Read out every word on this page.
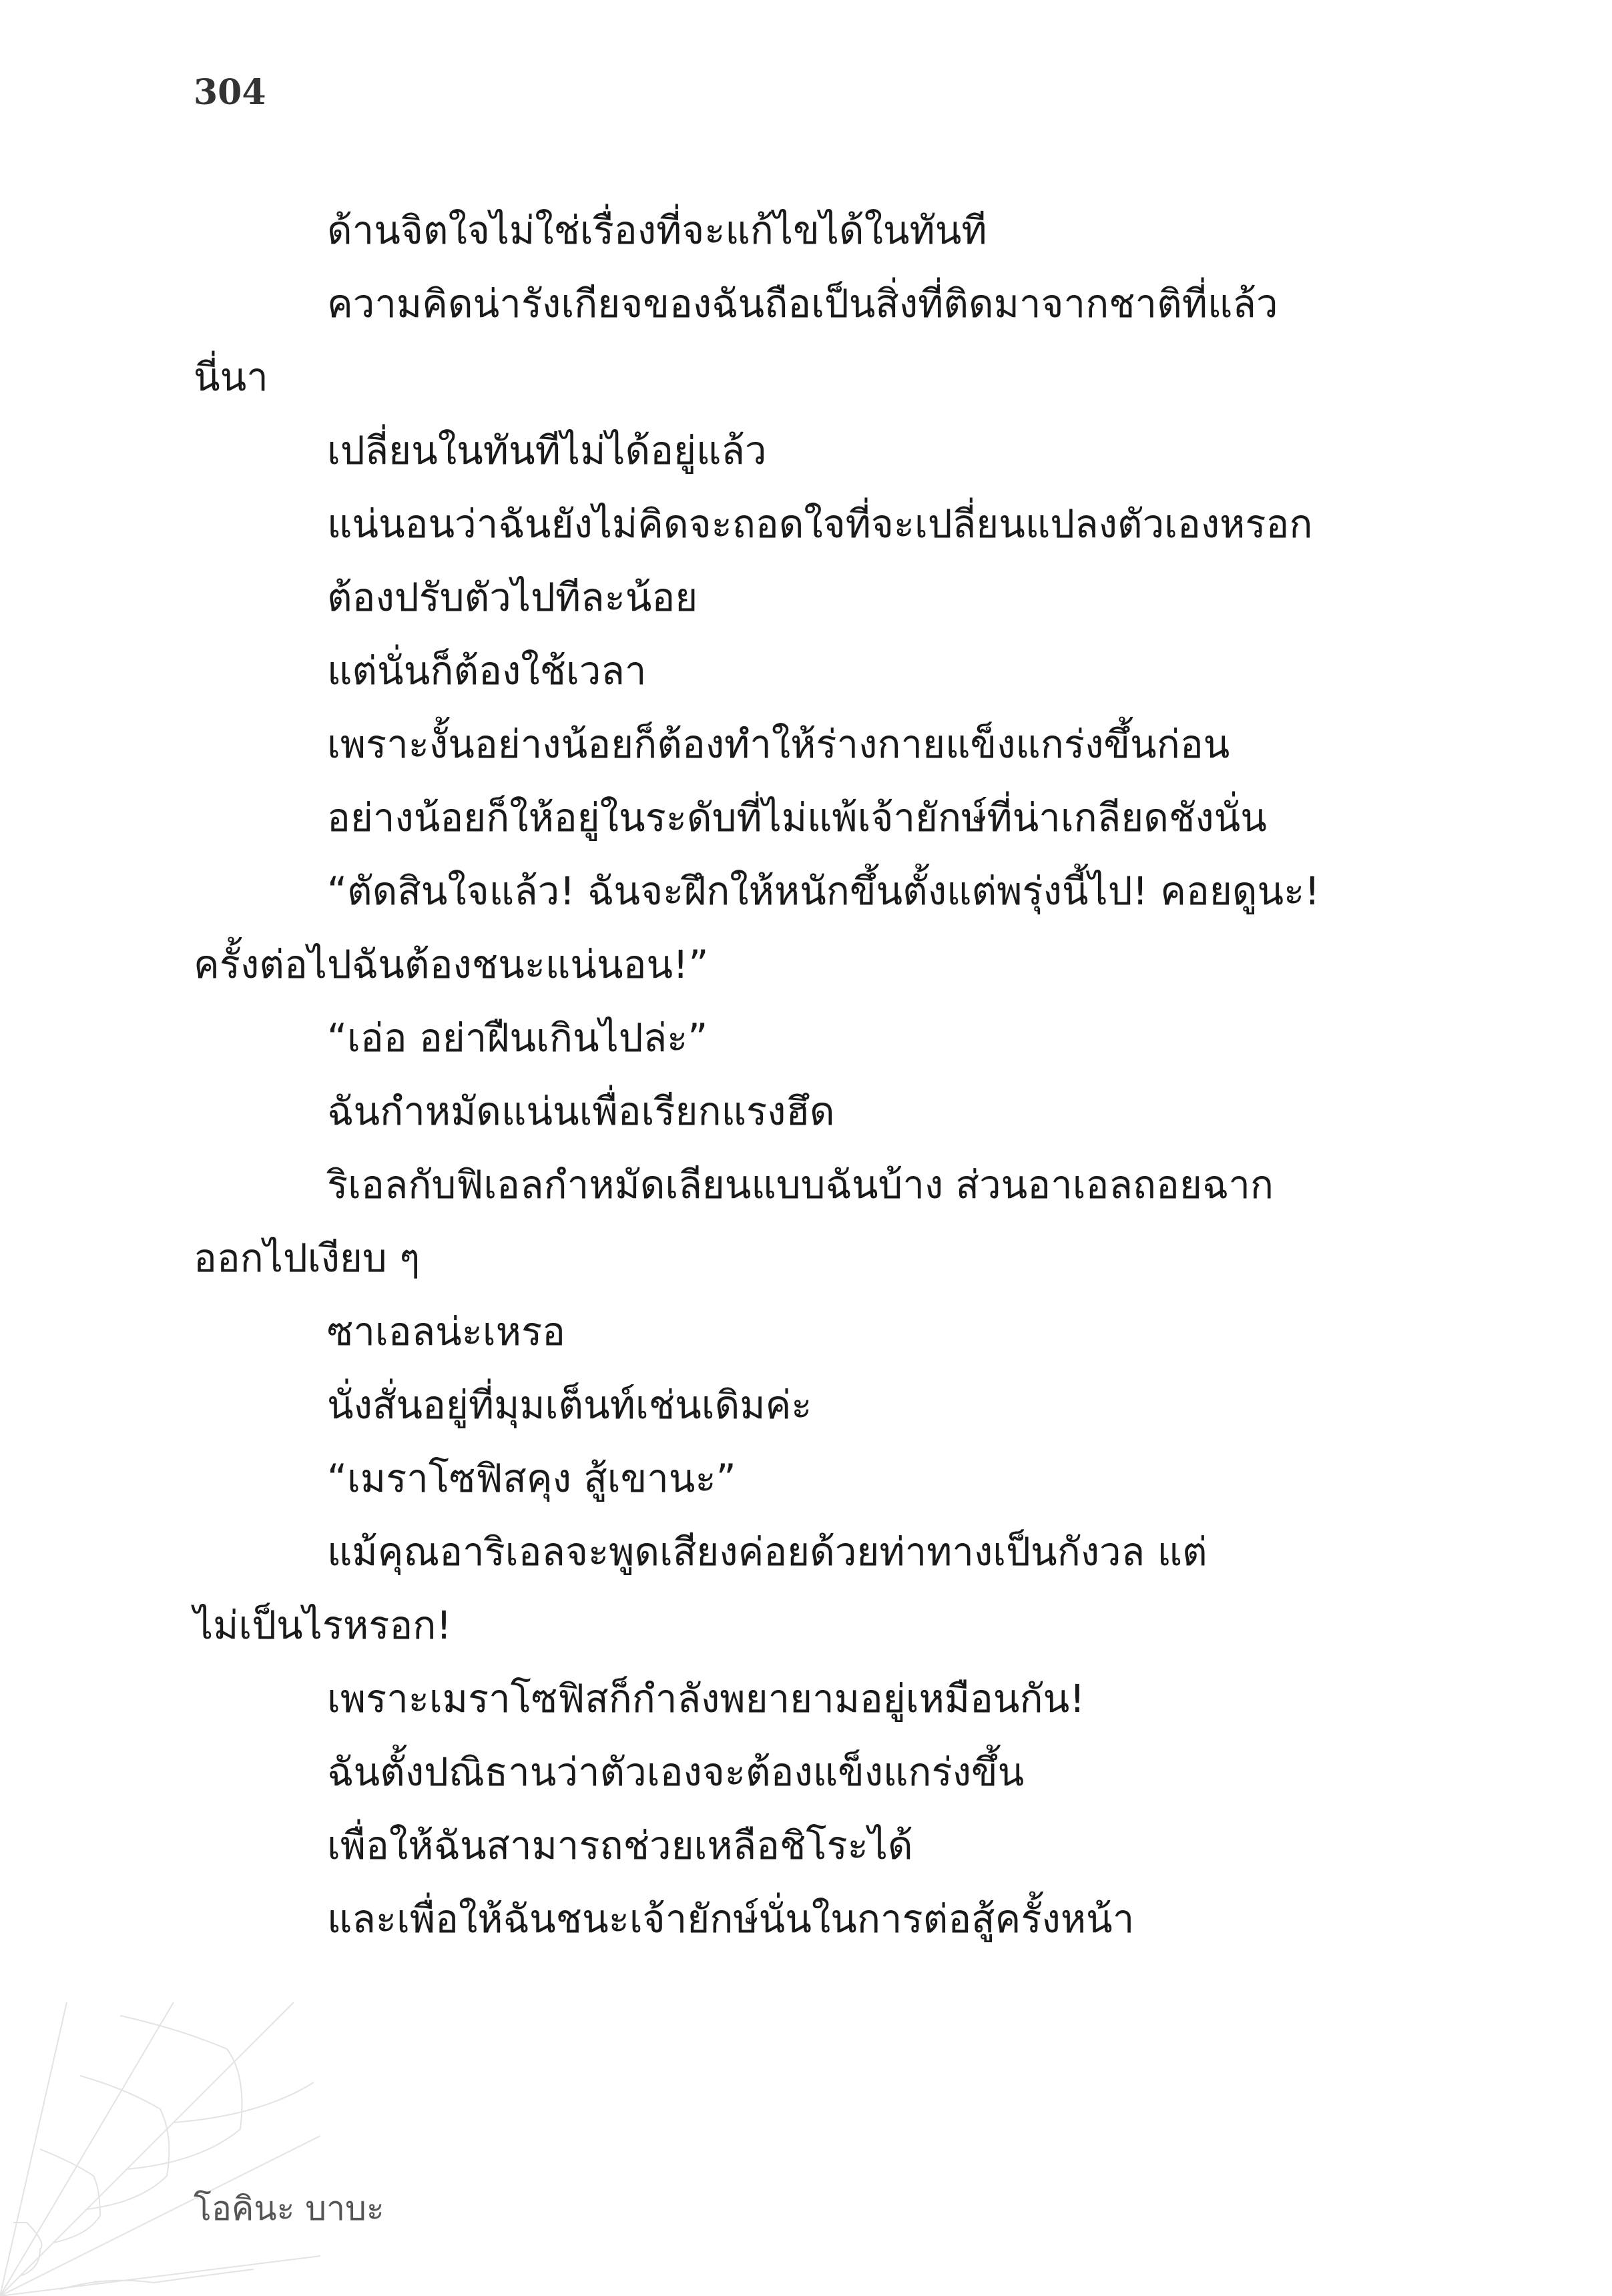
304
ด้านจิตใจไม่ใช่เรื่องที่จะแก้ไขได้ในทันที
ความคิดน่ารังเกียจของฉันถือเป็นสิ่งที่ติดมาจากชาติที่แล้ว
นี่นา
เปลี่ยนในทันทีไม่ได้อยู่แล้ว
แน่นอนว่าฉันยังไม่คิดจะถอดใจที่จะเปลี่ยนแปลงตัวเองหรอก
ต้องปรับตัวไปทีละน้อย
แต่นั่นก็ต้องใช้เวลา
เพราะงั้นอย่างน้อยก็ต้องทำให้ร่างกายแข็งแกร่งขึ้นก่อน
อย่างน้อยก็ให้อยู่ในระดับที่ไม่แพ้เจ้ายักษ์ที่น่าเกลียดชังนั่น
“ตัดสินใจแล้ว! ฉันจะฝึกให้หนักขึ้นตั้งแต่พรุ่งนี้ไป! คอยดูนะ!
ครั้งต่อไปฉันต้องชนะแน่นอน!”
“เอ่อ อย่าฝืนเกินไปล่ะ”
ฉันกำหมัดแน่นเพื่อเรียกแรงฮึด
ริเอลกับฟิเอลกำหมัดเลียนแบบฉันบ้าง ส่วนอาเอลถอยฉาก
ออกไปเงียบ ๆ
ซาเอลน่ะเหรอ
นั่งสั่นอยู่ที่มุมเต็นท์เช่นเดิมค่ะ
“เมราโซฟิสคุง สู้เขานะ”
แม้คุณอาริเอลจะพูดเสียงค่อยด้วยท่าทางเป็นกังวล แต่
ไม่เป็นไรหรอก!
เพราะเมราโซฟิสก็กำลังพยายามอยู่เหมือนกัน!
ฉันตั้งปณิธานว่าตัวเองจะต้องแข็งแกร่งขึ้น
เพื่อให้ฉันสามารถช่วยเหลือชิโระได้
และเพื่อให้ฉันชนะเจ้ายักษ์นั่นในการต่อสู้ครั้งหน้า
โอคินะ บาบะ
